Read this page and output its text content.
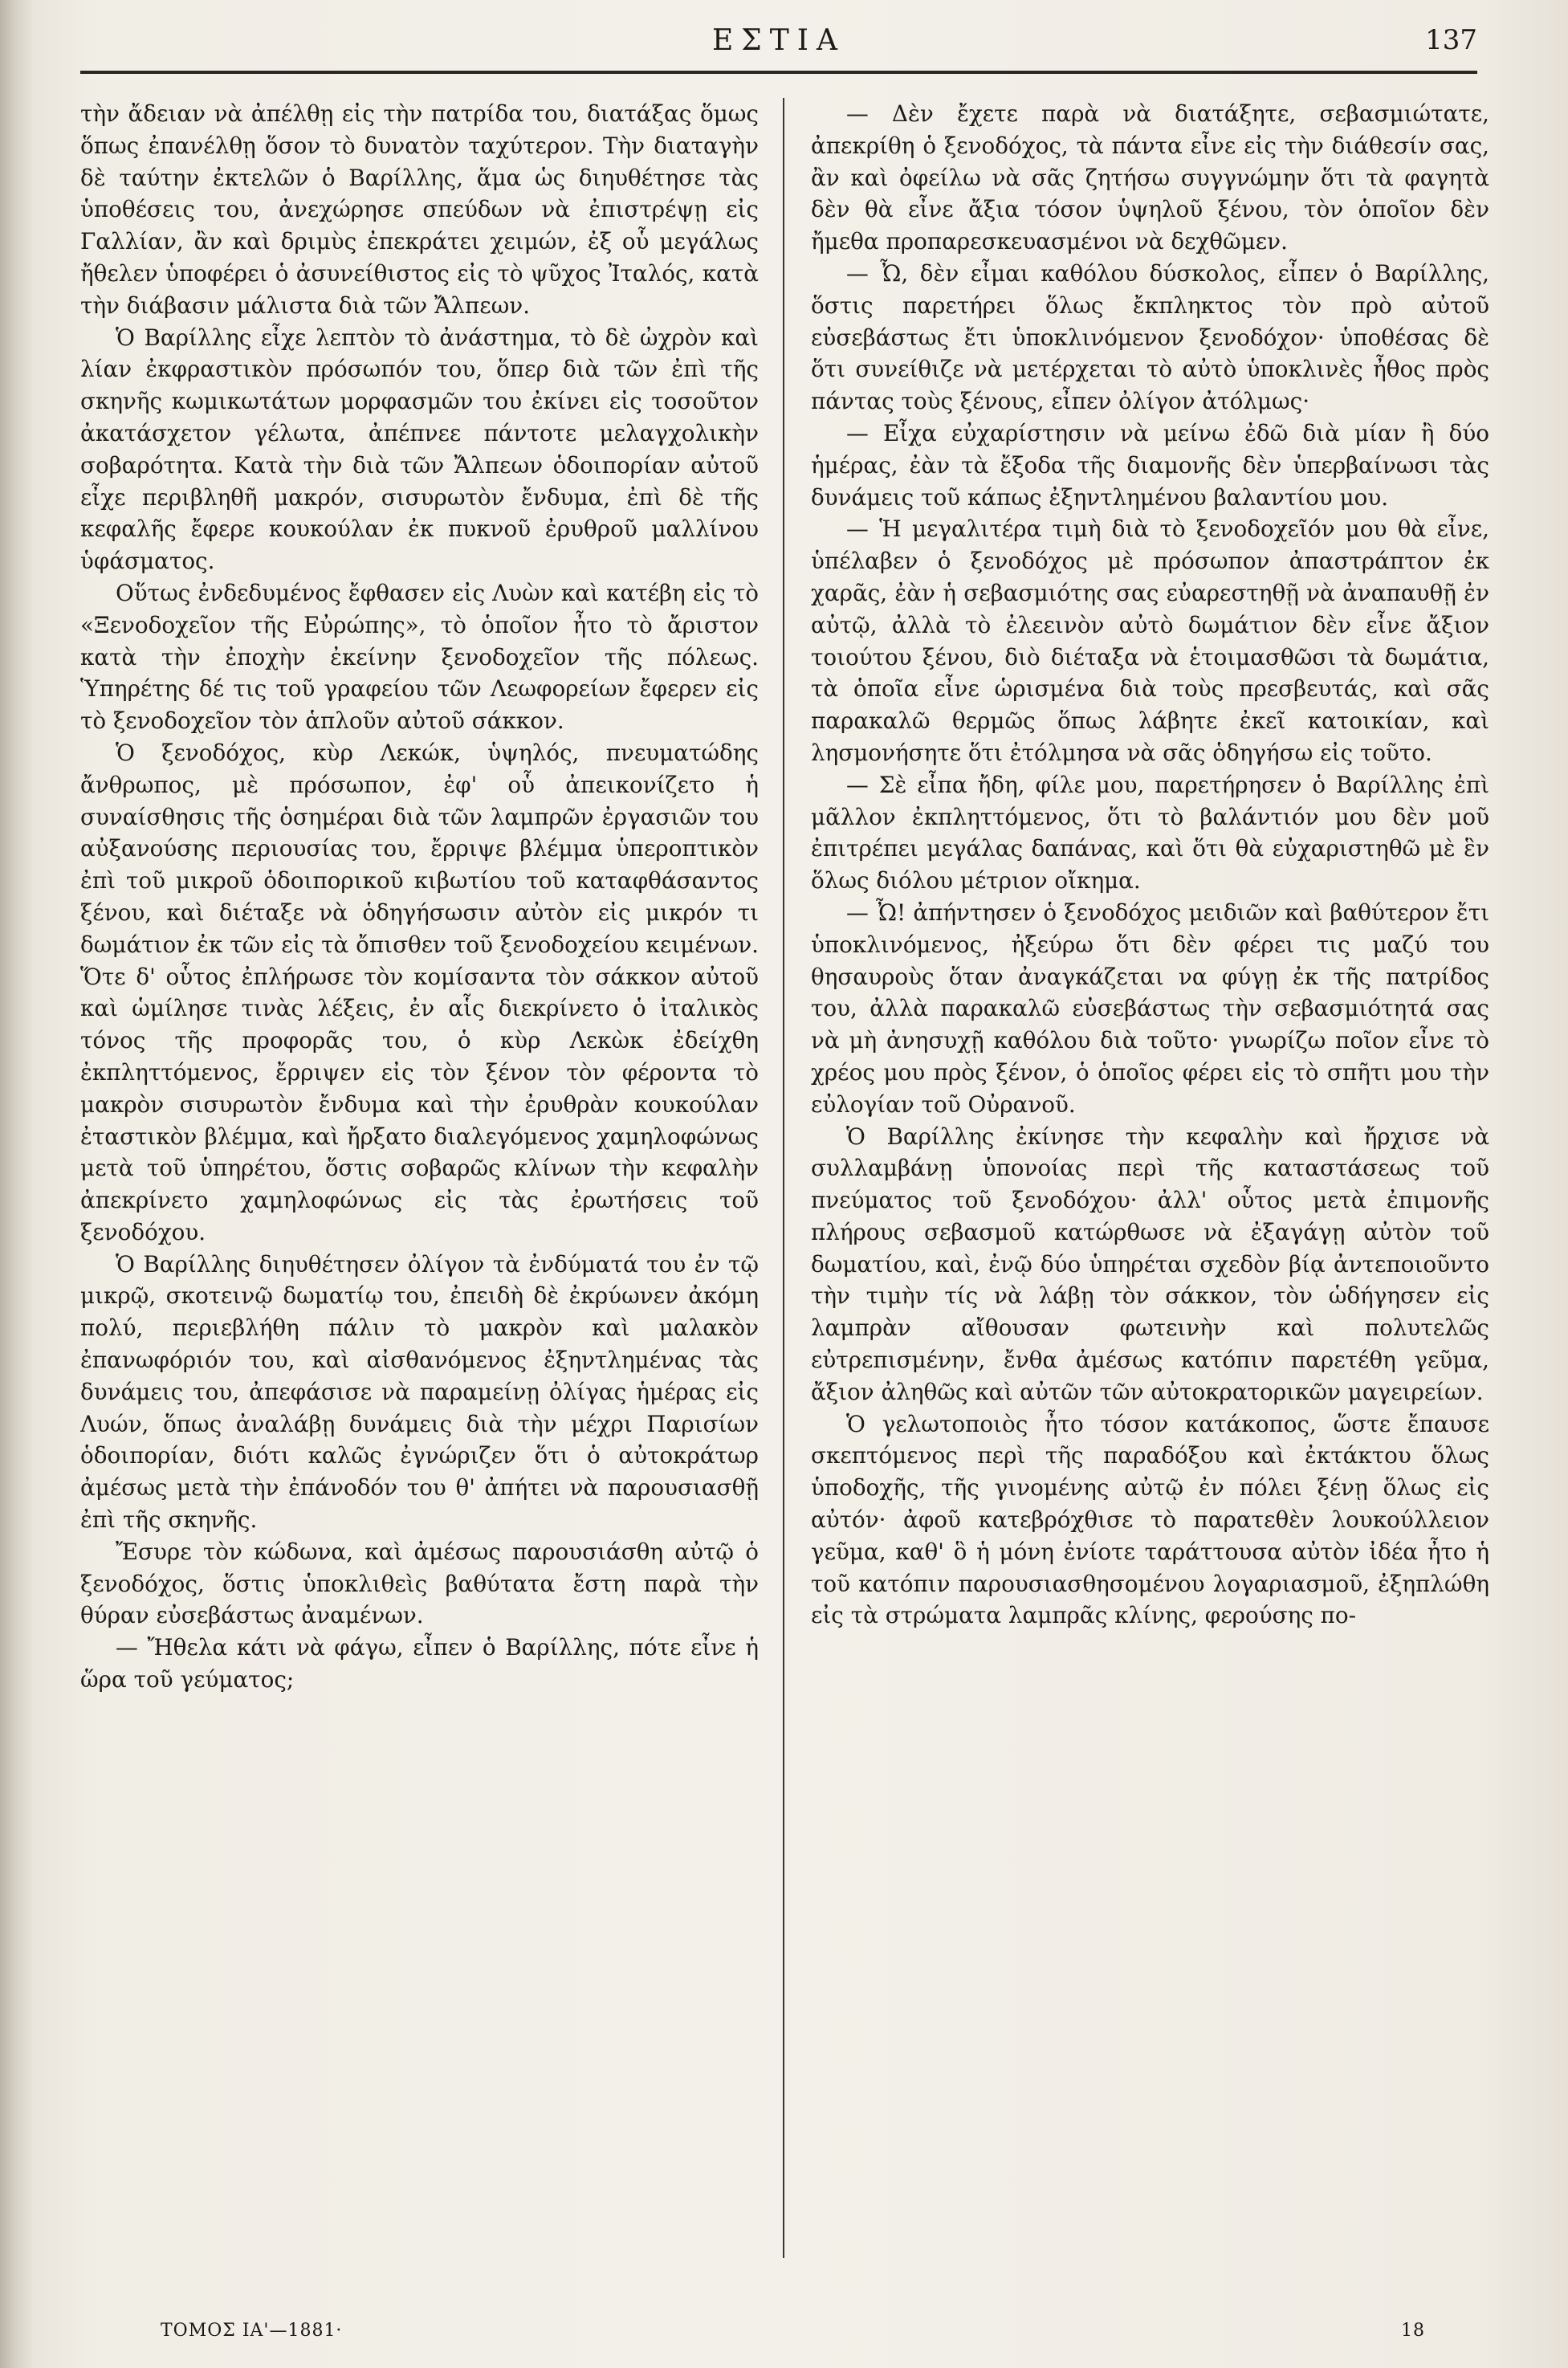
ΕΣΤΙΑ	137

τὴν ἄδειαν νὰ ἀπέλθῃ εἰς τὴν πατρίδα του, διατάξας ὅμως ὅπως ἐπανέλθῃ ὅσον τὸ δυνατὸν ταχύτερον. Τὴν διαταγὴν δὲ ταύτην ἐκτελῶν ὁ Βαρίλλης, ἅμα ὡς διηυθέτησε τὰς ὑποθέσεις του, ἀνεχώρησε σπεύδων νὰ ἐπιστρέψῃ εἰς Γαλλίαν, ἂν καὶ δριμὺς ἐπεκράτει χειμών, ἐξ οὗ μεγάλως ἤθελεν ὑποφέρει ὁ ἀσυνείθιστος εἰς τὸ ψῦχος Ἰταλός, κατὰ τὴν διάβασιν μάλιστα διὰ τῶν Ἄλπεων.

Ὁ Βαρίλλης εἶχε λεπτὸν τὸ ἀνάστημα, τὸ δὲ ὠχρὸν καὶ λίαν ἐκφραστικὸν πρόσωπόν του, ὅπερ διὰ τῶν ἐπὶ τῆς σκηνῆς κωμικωτάτων μορφασμῶν του ἐκίνει εἰς τοσοῦτον ἀκατάσχετον γέλωτα, ἀπέπνεε πάντοτε μελαγχολικὴν σοβαρότητα. Κατὰ τὴν διὰ τῶν Ἄλπεων ὁδοιπορίαν αὐτοῦ εἶχε περιβληθῆ μακρόν, σισυρωτὸν ἔνδυμα, ἐπὶ δὲ τῆς κεφαλῆς ἔφερε κουκούλαν ἐκ πυκνοῦ ἐρυθροῦ μαλλίνου ὑφάσματος.

Οὕτως ἐνδεδυμένος ἔφθασεν εἰς Λυὼν καὶ κατέβη εἰς τὸ «Ξενοδοχεῖον τῆς Εὐρώπης», τὸ ὁποῖον ἦτο τὸ ἄριστον κατὰ τὴν ἐποχὴν ἐκείνην ξενοδοχεῖον τῆς πόλεως. Ὑπηρέτης δέ τις τοῦ γραφείου τῶν Λεωφορείων ἔφερεν εἰς τὸ ξενοδοχεῖον τὸν ἁπλοῦν αὐτοῦ σάκκον.

Ὁ ξενοδόχος, κὺρ Λεκώκ, ὑψηλός, πνευματώδης ἄνθρωπος, μὲ πρόσωπον, ἐφ' οὗ ἀπεικονίζετο ἡ συναίσθησις τῆς ὁσημέραι διὰ τῶν λαμπρῶν ἐργασιῶν του αὐξανούσης περιουσίας του, ἔρριψε βλέμμα ὑπεροπτικὸν ἐπὶ τοῦ μικροῦ ὁδοιπορικοῦ κιβωτίου τοῦ καταφθάσαντος ξένου, καὶ διέταξε νὰ ὁδηγήσωσιν αὐτὸν εἰς μικρόν τι δωμάτιον ἐκ τῶν εἰς τὰ ὄπισθεν τοῦ ξενοδοχείου κειμένων. Ὅτε δ' οὗτος ἐπλήρωσε τὸν κομίσαντα τὸν σάκκον αὐτοῦ καὶ ὡμίλησε τινὰς λέξεις, ἐν αἷς διεκρίνετο ὁ ἰταλικὸς τόνος τῆς προφορᾶς του, ὁ κὺρ Λεκὼκ ἐδείχθη ἐκπληττόμενος, ἔρριψεν εἰς τὸν ξένον τὸν φέροντα τὸ μακρὸν σισυρωτὸν ἔνδυμα καὶ τὴν ἐρυθρὰν κουκούλαν ἐταστικὸν βλέμμα, καὶ ἤρξατο διαλεγόμενος χαμηλοφώνως μετὰ τοῦ ὑπηρέτου, ὅστις σοβαρῶς κλίνων τὴν κεφαλὴν ἀπεκρίνετο χαμηλοφώνως εἰς τὰς ἐρωτήσεις τοῦ ξενοδόχου.

Ὁ Βαρίλλης διηυθέτησεν ὀλίγον τὰ ἐνδύματά του ἐν τῷ μικρῷ, σκοτεινῷ δωματίῳ του, ἐπειδὴ δὲ ἐκρύωνεν ἀκόμη πολύ, περιεβλήθη πάλιν τὸ μακρὸν καὶ μαλακὸν ἐπανωφόριόν του, καὶ αἰσθανόμενος ἐξηντλημένας τὰς δυνάμεις του, ἀπεφάσισε νὰ παραμείνῃ ὀλίγας ἡμέρας εἰς Λυών, ὅπως ἀναλάβῃ δυνάμεις διὰ τὴν μέχρι Παρισίων ὁδοιπορίαν, διότι καλῶς ἐγνώριζεν ὅτι ὁ αὐτοκράτωρ ἀμέσως μετὰ τὴν ἐπάνοδόν του θ' ἀπήτει νὰ παρουσιασθῇ ἐπὶ τῆς σκηνῆς.

Ἔσυρε τὸν κώδωνα, καὶ ἀμέσως παρουσιάσθη αὐτῷ ὁ ξενοδόχος, ὅστις ὑποκλιθεὶς βαθύτατα ἔστη παρὰ τὴν θύραν εὐσεβάστως ἀναμένων.

— Ἤθελα κάτι νὰ φάγω, εἶπεν ὁ Βαρίλλης, πότε εἶνε ἡ ὥρα τοῦ γεύματος;

— Δὲν ἔχετε παρὰ νὰ διατάξητε, σεβασμιώτατε, ἀπεκρίθη ὁ ξενοδόχος, τὰ πάντα εἶνε εἰς τὴν διάθεσίν σας, ἂν καὶ ὀφείλω νὰ σᾶς ζητήσω συγγνώμην ὅτι τὰ φαγητὰ δὲν θὰ εἶνε ἄξια τόσον ὑψηλοῦ ξένου, τὸν ὁποῖον δὲν ἤμεθα προπαρεσκευασμένοι νὰ δεχθῶμεν.

— Ὦ, δὲν εἶμαι καθόλου δύσκολος, εἶπεν ὁ Βαρίλλης, ὅστις παρετήρει ὅλως ἔκπληκτος τὸν πρὸ αὐτοῦ εὐσεβάστως ἔτι ὑποκλινόμενον ξενοδόχον· ὑποθέσας δὲ ὅτι συνείθιζε νὰ μετέρχεται τὸ αὐτὸ ὑποκλινὲς ἦθος πρὸς πάντας τοὺς ξένους, εἶπεν ὀλίγον ἀτόλμως·

— Εἶχα εὐχαρίστησιν νὰ μείνω ἐδῶ διὰ μίαν ἢ δύο ἡμέρας, ἐὰν τὰ ἔξοδα τῆς διαμονῆς δὲν ὑπερβαίνωσι τὰς δυνάμεις τοῦ κάπως ἐξηντλημένου βαλαντίου μου.

— Ἡ μεγαλιτέρα τιμὴ διὰ τὸ ξενοδοχεῖόν μου θὰ εἶνε, ὑπέλαβεν ὁ ξενοδόχος μὲ πρόσωπον ἀπαστράπτον ἐκ χαρᾶς, ἐὰν ἡ σεβασμιότης σας εὐαρεστηθῇ νὰ ἀναπαυθῇ ἐν αὐτῷ, ἀλλὰ τὸ ἐλεεινὸν αὐτὸ δωμάτιον δὲν εἶνε ἄξιον τοιούτου ξένου, διὸ διέταξα νὰ ἑτοιμασθῶσι τὰ δωμάτια, τὰ ὁποῖα εἶνε ὡρισμένα διὰ τοὺς πρεσβευτάς, καὶ σᾶς παρακαλῶ θερμῶς ὅπως λάβητε ἐκεῖ κατοικίαν, καὶ λησμονήσητε ὅτι ἐτόλμησα νὰ σᾶς ὁδηγήσω εἰς τοῦτο.

— Σὲ εἶπα ἤδη, φίλε μου, παρετήρησεν ὁ Βαρίλλης ἐπὶ μᾶλλον ἐκπληττόμενος, ὅτι τὸ βαλάντιόν μου δὲν μοῦ ἐπιτρέπει μεγάλας δαπάνας, καὶ ὅτι θὰ εὐχαριστηθῶ μὲ ἓν ὅλως διόλου μέτριον οἴκημα.

— Ὦ! ἀπήντησεν ὁ ξενοδόχος μειδιῶν καὶ βαθύτερον ἔτι ὑποκλινόμενος, ἠξεύρω ὅτι δὲν φέρει τις μαζύ του θησαυροὺς ὅταν ἀναγκάζεται να φύγῃ ἐκ τῆς πατρίδος του, ἀλλὰ παρακαλῶ εὐσεβάστως τὴν σεβασμιότητά σας νὰ μὴ ἀνησυχῇ καθόλου διὰ τοῦτο· γνωρίζω ποῖον εἶνε τὸ χρέος μου πρὸς ξένον, ὁ ὁποῖος φέρει εἰς τὸ σπῆτι μου τὴν εὐλογίαν τοῦ Οὐρανοῦ.

Ὁ Βαρίλλης ἐκίνησε τὴν κεφαλὴν καὶ ἤρχισε νὰ συλλαμβάνῃ ὑπονοίας περὶ τῆς καταστάσεως τοῦ πνεύματος τοῦ ξενοδόχου· ἀλλ' οὗτος μετὰ ἐπιμονῆς πλήρους σεβασμοῦ κατώρθωσε νὰ ἐξαγάγῃ αὐτὸν τοῦ δωματίου, καὶ, ἐνῷ δύο ὑπηρέται σχεδὸν βίᾳ ἀντεποιοῦντο τὴν τιμὴν τίς νὰ λάβῃ τὸν σάκκον, τὸν ὡδήγησεν εἰς λαμπρὰν αἴθουσαν φωτεινὴν καὶ πολυτελῶς εὐτρεπισμένην, ἔνθα ἀμέσως κατόπιν παρετέθη γεῦμα, ἄξιον ἀληθῶς καὶ αὐτῶν τῶν αὐτοκρατορικῶν μαγειρείων.

Ὁ γελωτοποιὸς ἦτο τόσον κατάκοπος, ὥστε ἔπαυσε σκεπτόμενος περὶ τῆς παραδόξου καὶ ἐκτάκτου ὅλως ὑποδοχῆς, τῆς γινομένης αὐτῷ ἐν πόλει ξένῃ ὅλως εἰς αὐτόν· ἀφοῦ κατεβρόχθισε τὸ παρατεθὲν λουκούλλειον γεῦμα, καθ' ὃ ἡ μόνη ἐνίοτε ταράττουσα αὐτὸν ἰδέα ἦτο ἡ τοῦ κατόπιν παρουσιασθησομένου λογαριασμοῦ, ἐξηπλώθη εἰς τὰ στρώματα λαμπρᾶς κλίνης, φερούσης πο-

ΤΟΜΟΣ ΙΑ'—1881·	18
